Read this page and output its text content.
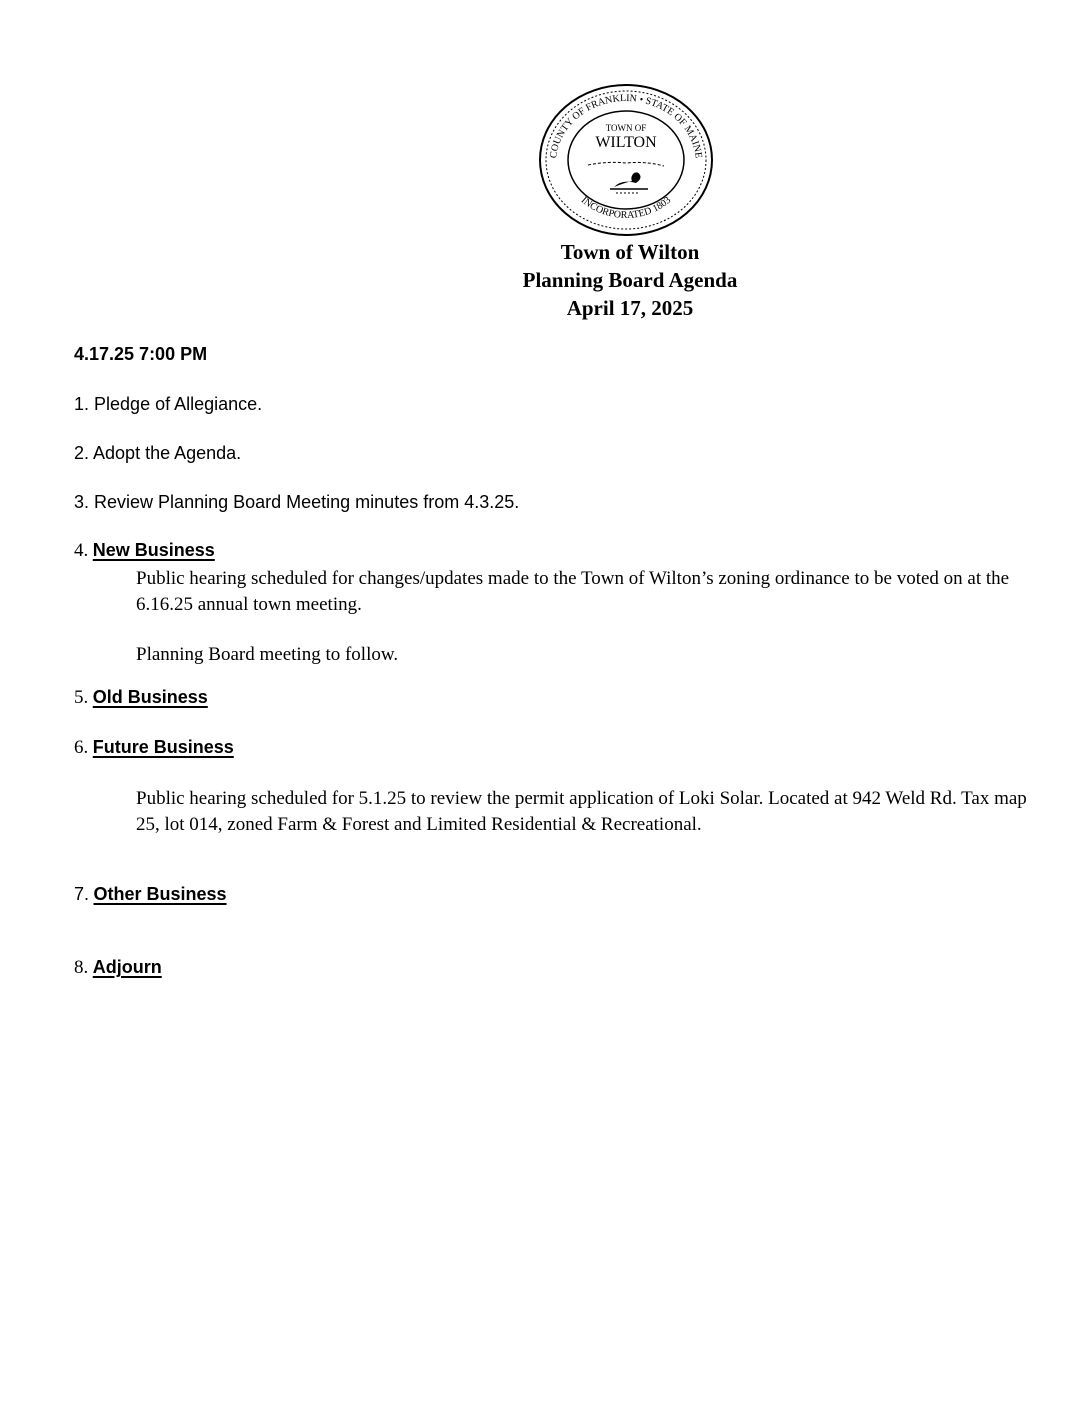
COUNTY OF FRANKLIN • STATE OF MAINE
INCORPORATED 1803
TOWN OF
WILTON
Town of Wilton
Planning Board Agenda
April 17, 2025
4.17.25 7:00 PM
1. Pledge of Allegiance.
2. Adopt the Agenda.
3. Review Planning Board Meeting minutes from 4.3.25.
4. New Business
Public hearing scheduled for changes/updates made to the Town of Wilton’s zoning ordinance to be voted on at the 6.16.25 annual town meeting.
Planning Board meeting to follow.
5. Old Business
6. Future Business
Public hearing scheduled for 5.1.25 to review the permit application of Loki Solar. Located at 942 Weld Rd. Tax map 25, lot 014, zoned Farm & Forest and Limited Residential & Recreational.
7. Other Business
8. Adjourn
